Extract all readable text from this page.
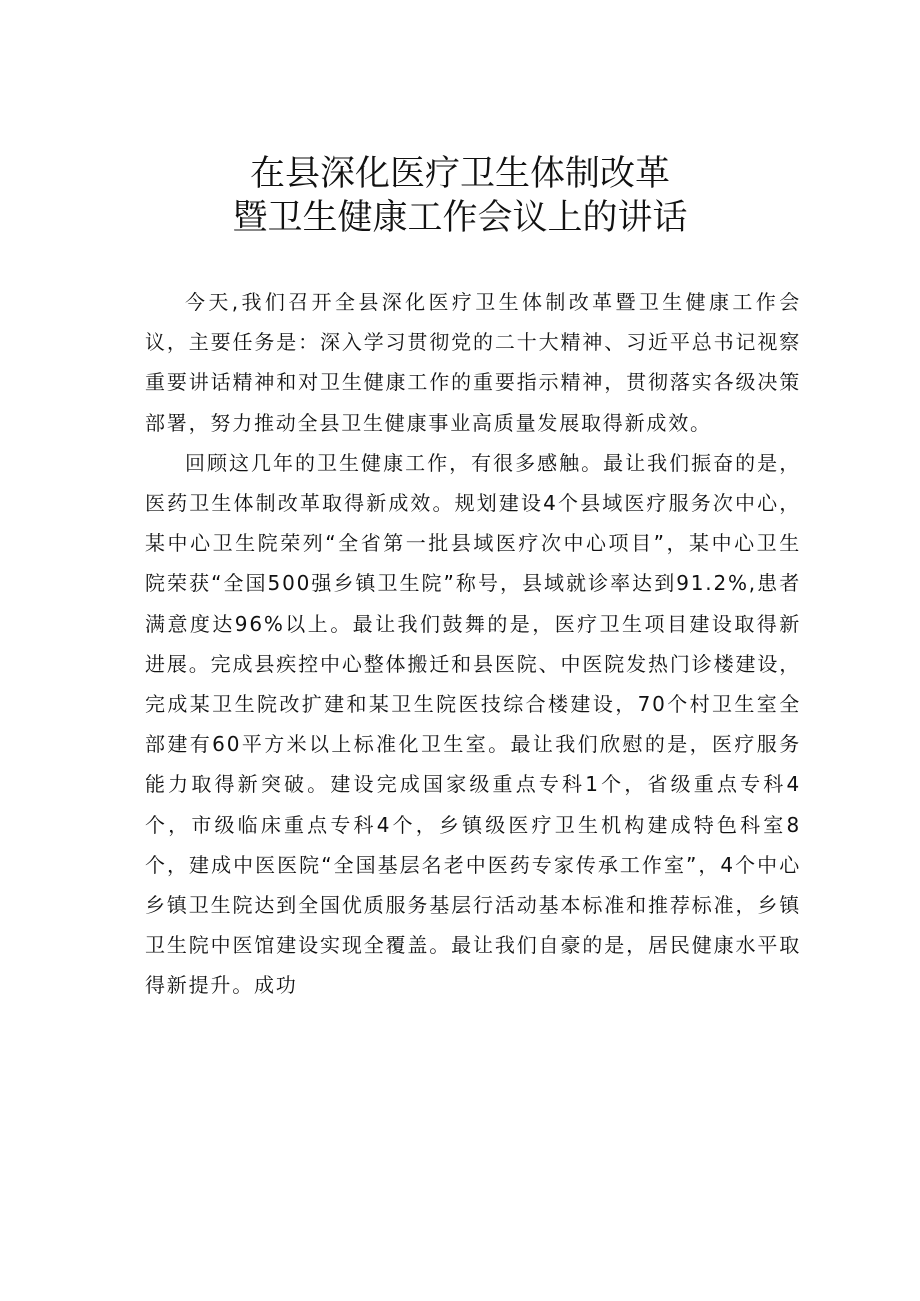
在县深化医疗卫生体制改革
暨卫生健康工作会议上的讲话

今天,我们召开全县深化医疗卫生体制改革暨卫生健康工作会议，主要任务是：深入学习贯彻党的二十大精神、习近平总书记视察重要讲话精神和对卫生健康工作的重要指示精神，贯彻落实各级决策部署，努力推动全县卫生健康事业高质量发展取得新成效。

回顾这几年的卫生健康工作，有很多感触。最让我们振奋的是，医药卫生体制改革取得新成效。规划建设4个县域医疗服务次中心，某中心卫生院荣列“全省第一批县域医疗次中心项目”，某中心卫生院荣获“全国500强乡镇卫生院”称号，县域就诊率达到91.2%,患者满意度达96%以上。最让我们鼓舞的是，医疗卫生项目建设取得新进展。完成县疾控中心整体搬迁和县医院、中医院发热门诊楼建设，完成某卫生院改扩建和某卫生院医技综合楼建设，70个村卫生室全部建有60平方米以上标准化卫生室。最让我们欣慰的是，医疗服务能力取得新突破。建设完成国家级重点专科1个，省级重点专科4个，市级临床重点专科4个，乡镇级医疗卫生机构建成特色科室8个，建成中医医院“全国基层名老中医药专家传承工作室”，4个中心乡镇卫生院达到全国优质服务基层行活动基本标准和推荐标准，乡镇卫生院中医馆建设实现全覆盖。最让我们自豪的是，居民健康水平取得新提升。成功
